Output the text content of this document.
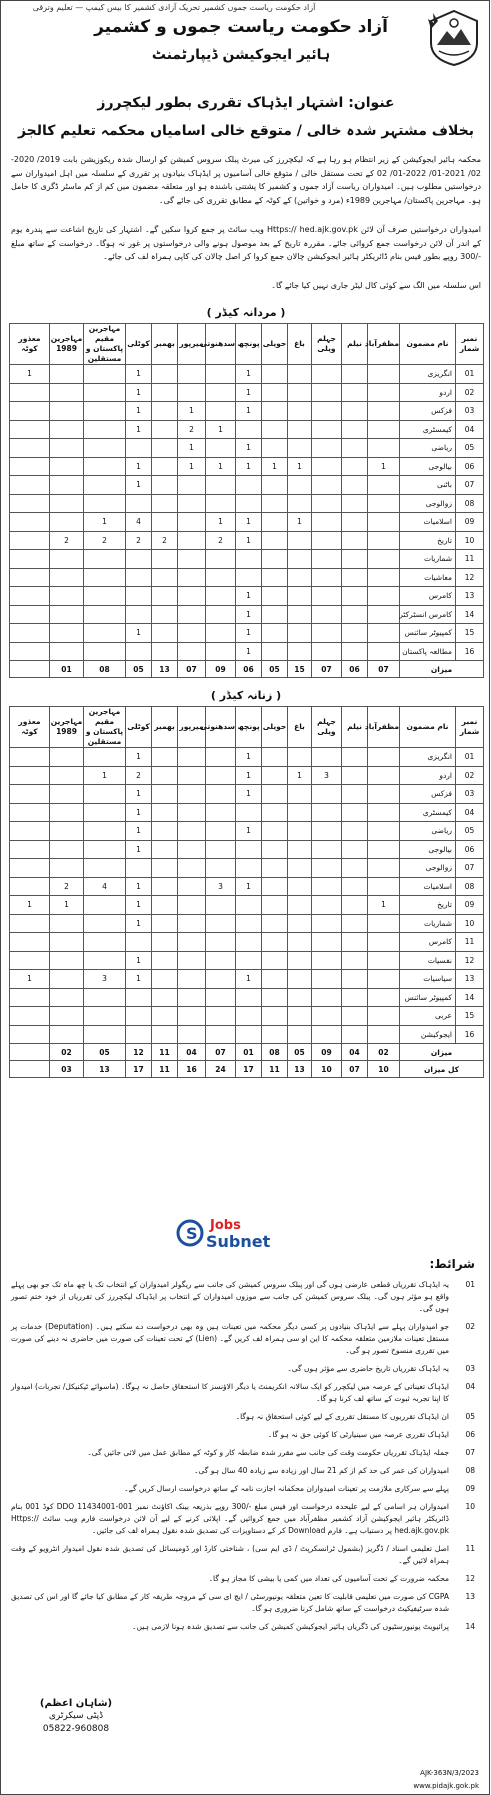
آزاد حکومت ریاست جموں کشمیر تحریک آزادی کشمیر کا بیس کیمپ — تعلیم وترقی
آزاد حکومت ریاست جموں و کشمیر
ہائیر ایجوکیشن ڈیپارٹمنٹ
عنوان: اشتہار ایڈہاک تقرری بطور لیکچررز
بخلاف مشتہر شدہ خالی / متوقع خالی اسامیاں محکمہ تعلیم کالجز
محکمہ ہائیر ایجوکیشن کے زیر انتظام ہو رہا ہے کہ لیکچررز کی میرٹ پبلک سروس کمیشن کو ارسال شدہ ریکوزیشن بابت 2019/ 2020-02/ 2021-01/ 2022-01/ 02 کے تحت مستقل خالی / متوقع خالی آسامیوں پر ایڈہاک بنیادوں پر تقرری کے سلسلہ میں اہل امیدواران سے درخواستیں مطلوب ہیں۔ امیدواران ریاست آزاد جموں و کشمیر کا پشتنی باشندہ ہو اور متعلقہ مضمون میں کم از کم ماسٹر ڈگری کا حامل ہو۔ مہاجرین پاکستان/ مہاجرین 1989ء (مرد و خواتین) کے کوٹہ کے مطابق تقرری کی جائے گی۔
امیدواران درخواستیں صرف آن لائن Https:// hed.ajk.gov.pk ویب سائٹ پر جمع کروا سکیں گے۔ اشتہار کی تاریخ اشاعت سے پندرہ یوم کے اندر آن لائن درخواست جمع کروائی جائے۔ مقررہ تاریخ کے بعد موصول ہونے والی درخواستوں پر غور نہ ہوگا۔ درخواست کے ساتھ مبلغ -/300 روپے بطور فیس بنام ڈائریکٹر ہائیر ایجوکیشن چالان جمع کروا کر اصل چالان کی کاپی ہمراہ لف کی جائے۔
اس سلسلہ میں الگ سے کوئی کال لیٹر جاری نہیں کیا جائے گا۔
( مردانہ کیڈر )
نمبر شمار	نام مضمون	مظفرآباد	نیلم	جہلم ویلی	باغ	حویلی	پونچھ	سدھنوتی	میرپور	بھمبر	کوٹلی	مہاجرین مقیم پاکستان و مستقلین	مہاجرین 1989	معذور کوٹہ
01	انگریزی						1				1			1
02	اردو						1				1			
03	فزکس						1		1		1			
04	کیمسٹری							1	2		1			
05	ریاضی						1		1					
06	بیالوجی	1			1	1	1	1	1		1			
07	باٹنی										1			
08	زوالوجی													
09	اسلامیات				1		1	1			4	1		
10	تاریخ						1	2		2	2	2	2	
11	شماریات													
12	معاشیات													
13	کامرس						1							
14	کامرس انسٹرکٹر						1							
15	کمپیوٹر سائنس						1				1			
16	مطالعہ پاکستان						1							
میزان		07	06	07	15	05	06	09	07	13	05	08	01	
( زنانہ کیڈر )
نمبر شمار	نام مضمون	مظفرآباد	نیلم	جہلم ویلی	باغ	حویلی	پونچھ	سدھنوتی	میرپور	بھمبر	کوٹلی	مہاجرین مقیم پاکستان و مستقلین	مہاجرین 1989	معذور کوٹہ
01	انگریزی						1				1			
02	اردو			3	1		1				2	1		
03	فزکس						1				1			
04	کیمسٹری										1			
05	ریاضی						1				1			
06	بیالوجی										1			
07	زوالوجی													
08	اسلامیات						1	3			1	4	2	
09	تاریخ	1									1		1	1
10	شماریات										1			
11	کامرس													
12	نفسیات										1			
13	سیاسیات						1				1	3		1
14	کمپیوٹر سائنس													
15	عربی													
16	ایجوکیشن													
میزان		02	04	09	05	08	01	07	04	11	12	05	02	
کل میزان		10	07	10	13	11	17	24	16	11	17	13	03	
S Jobs
Subnet
شرائط:
01
یہ ایڈہاک تقرریاں قطعی عارضی ہوں گی اور پبلک سروس کمیشن کی جانب سے ریگولر امیدواران کے انتخاب تک یا چھ ماہ تک جو بھی پہلے واقع ہو مؤثر ہوں گی۔ پبلک سروس کمیشن کی جانب سے موزوں امیدواران کے انتخاب پر ایڈہاک لیکچررز کی تقرریاں از خود ختم تصور ہوں گی۔
02
جو امیدواران پہلے سے ایڈہاک بنیادوں پر کسی دیگر محکمہ میں تعینات ہیں وہ بھی درخواست دے سکتے ہیں۔ (Deputation) خدمات پر مستقل تعینات ملازمین متعلقہ محکمہ کا این او سی ہمراہ لف کریں گے۔ (Lien) کے تحت تعینات کی صورت میں حاضری نہ دینے کی صورت میں تقرری منسوخ تصور ہو گی۔
03
یہ ایڈہاک تقرریاں تاریخ حاضری سے مؤثر ہوں گی۔
04
ایڈہاک تعیناتی کے عرصہ میں لیکچرر کو ایک سالانہ انکریمنٹ یا دیگر الاؤنسز کا استحقاق حاصل نہ ہوگا۔ (ماسوائے ٹیکنیکل/ تجربات) امیدوار کا اپنا تجربہ ثبوت کے ساتھ لف کرنا ہو گا۔
05
ان ایڈہاک تقرریوں کا مستقل تقرری کے لیے کوئی استحقاق نہ ہوگا۔
06
ایڈہاک تقرری عرصہ میں سینیارٹی کا کوئی حق نہ ہو گا۔
07
جملہ ایڈہاک تقرریاں حکومت وقت کی جانب سے مقرر شدہ ضابطہ کار و کوٹہ کے مطابق عمل میں لائی جائیں گی۔
08
امیدواران کی عمر کی حد کم از کم 21 سال اور زیادہ سے زیادہ 40 سال ہو گی۔
09
پہلے سے سرکاری ملازمت پر تعینات امیدواران محکمانہ اجازت نامہ کے ساتھ درخواست ارسال کریں گے۔
10
امیدواران ہر اسامی کے لیے علیحدہ درخواست اور فیس مبلغ -/300 روپے بذریعہ بینک اکاؤنٹ نمبر 001-11434001 DDO کوڈ 001 بنام ڈائریکٹر ہائیر ایجوکیشن آزاد کشمیر مظفرآباد میں جمع کروائیں گے۔ اپلائی کرنے کے لیے آن لائن درخواست فارم ویب سائٹ Https:// hed.ajk.gov.pk پر دستیاب ہے۔ فارم Download کر کے دستاویزات کی تصدیق شدہ نقول ہمراہ لف کی جائیں۔
11
اصل تعلیمی اسناد / ڈگریز (بشمول ٹرانسکرپٹ / ڈی ایم سی) ، شناختی کارڈ اور ڈومیسائل کی تصدیق شدہ نقول امیدوار انٹرویو کے وقت ہمراہ لائیں گے۔
12
محکمہ ضرورت کے تحت آسامیوں کی تعداد میں کمی یا بیشی کا مجاز ہو گا۔
13
CGPA کی صورت میں تعلیمی قابلیت کا تعین متعلقہ یونیورسٹی / ایچ ای سی کے مروجہ طریقہ کار کے مطابق کیا جائے گا اور اس کی تصدیق شدہ سرٹیفیکیٹ درخواست کے ساتھ شامل کرنا ضروری ہو گا۔
14
پرائیویٹ یونیورسٹیوں کی ڈگریاں ہائیر ایجوکیشن کمیشن کی جانب سے تصدیق شدہ ہونا لازمی ہیں۔
(شاہان اعظم)
ڈپٹی سیکرٹری
05822-960808
AJK-363N/3/2023
www.pidajk.gok.pk
